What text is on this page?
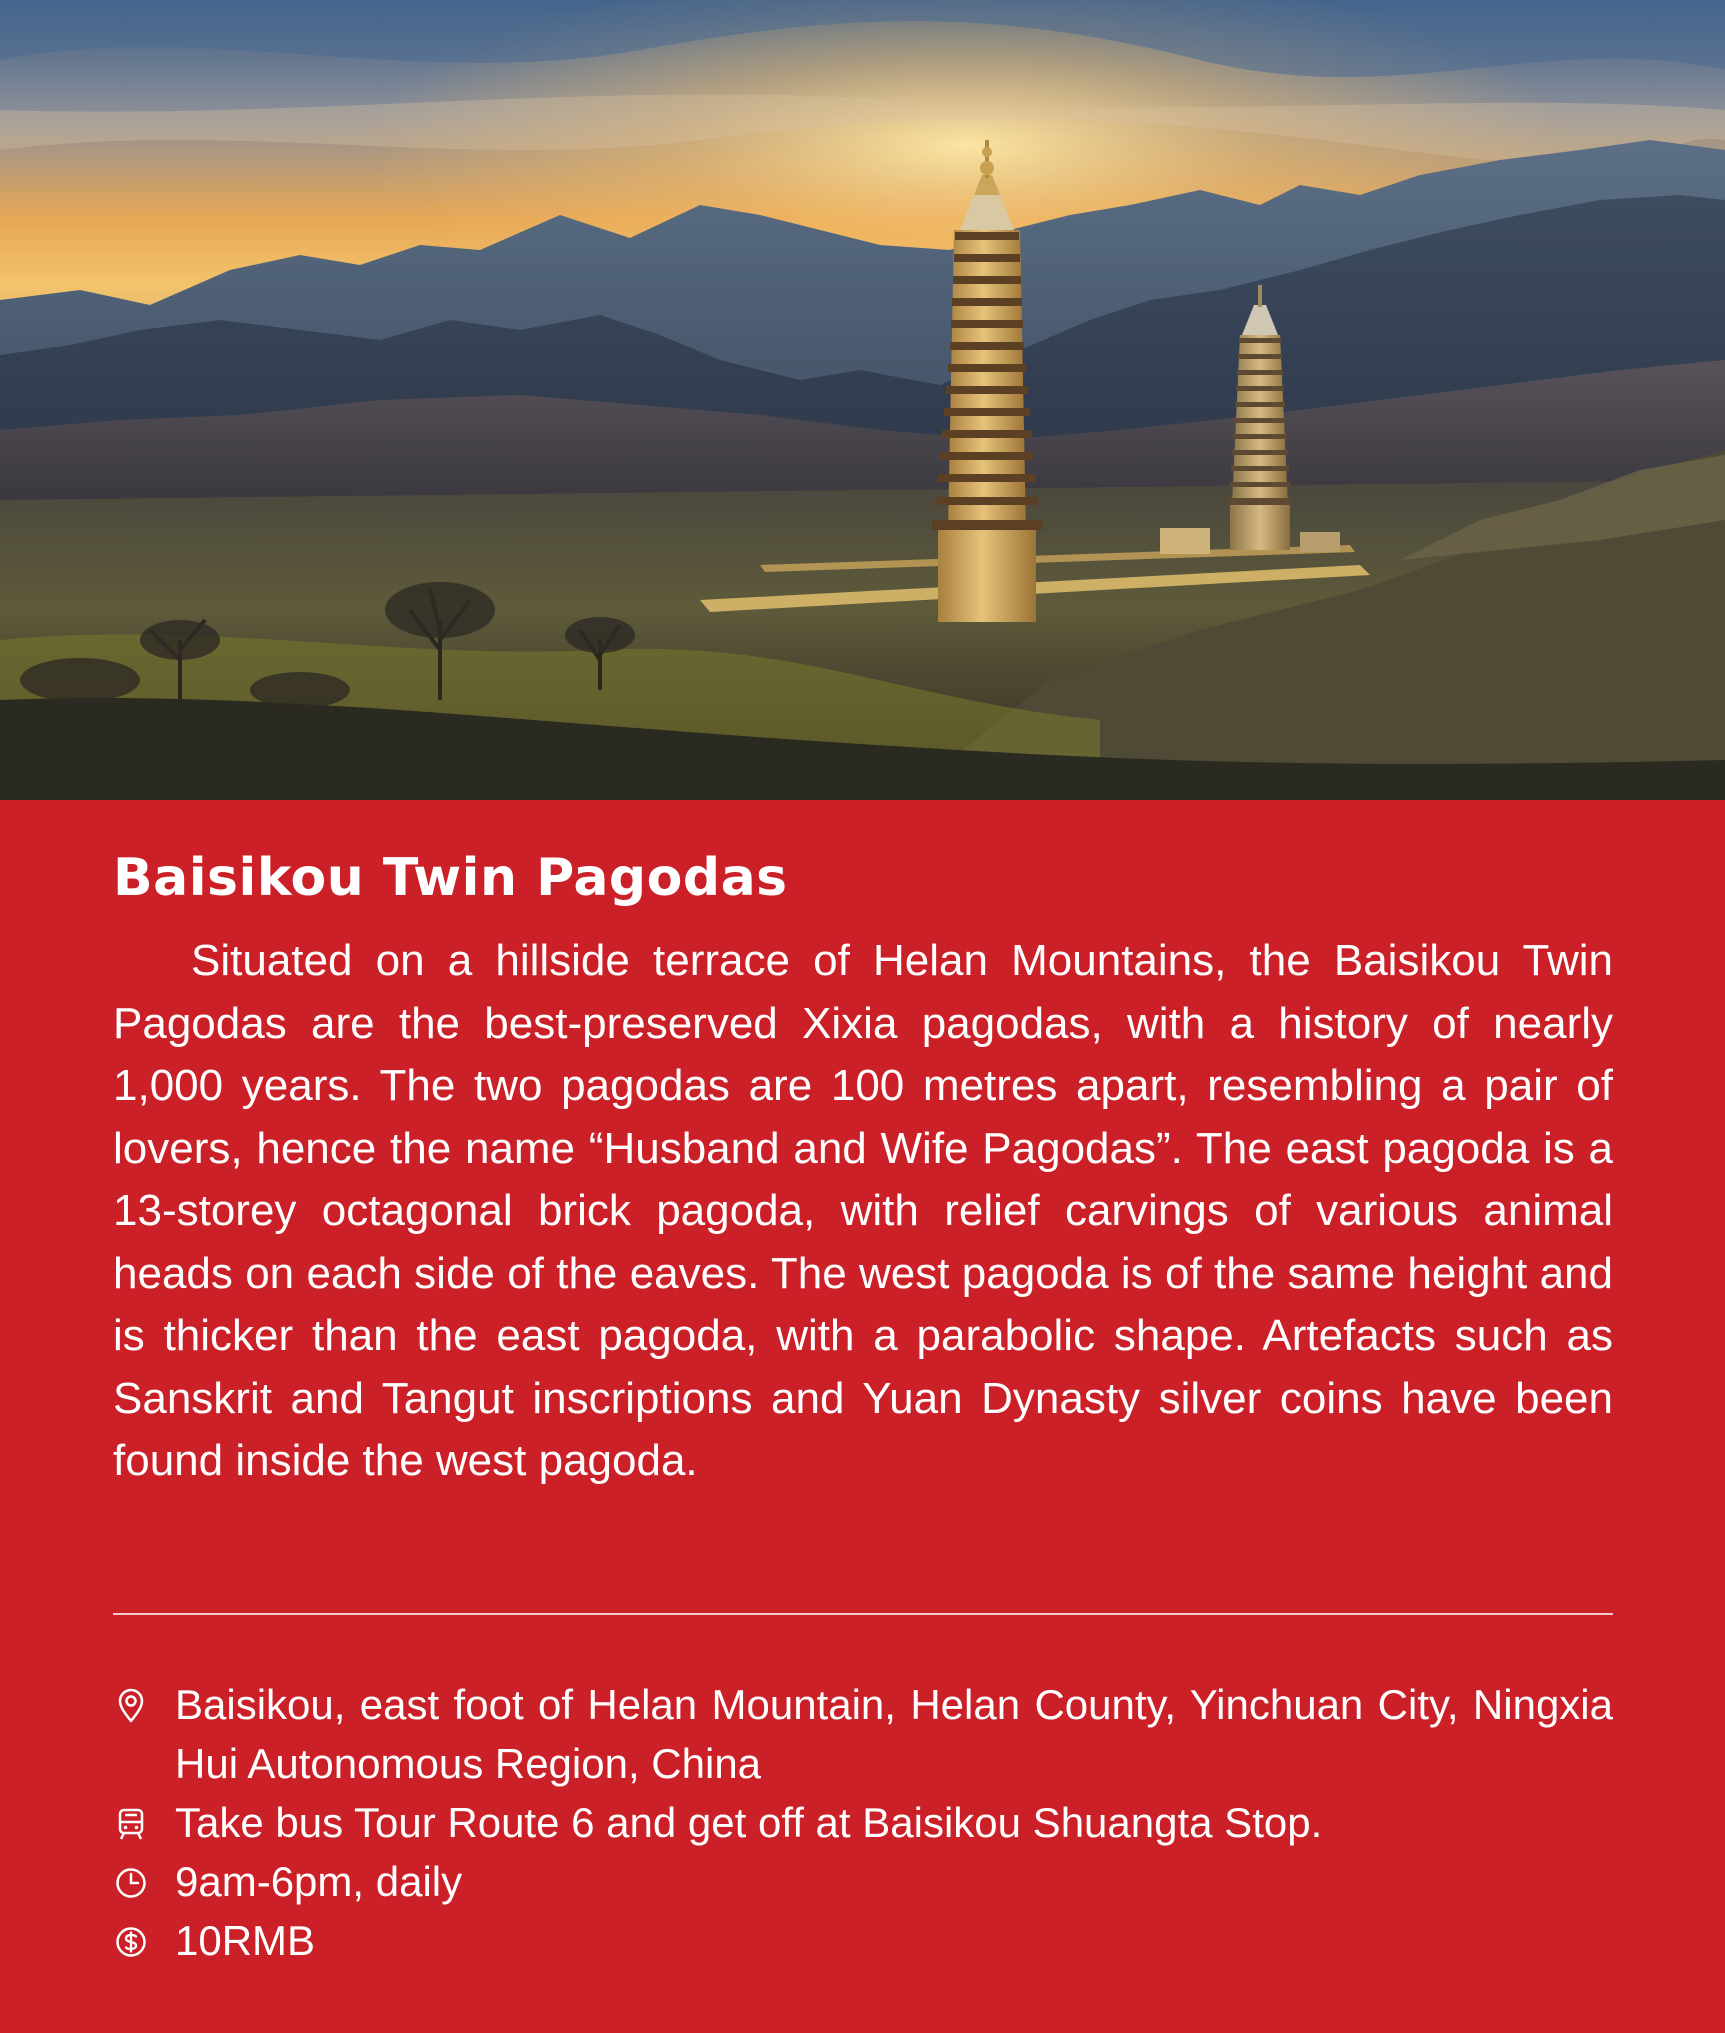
Baisikou Twin Pagodas

Situated on a hillside terrace of Helan Mountains, the Baisikou Twin Pagodas are the best-preserved Xixia pagodas, with a history of nearly 1,000 years. The two pagodas are 100 metres apart, resembling a pair of lovers, hence the name “Husband and Wife Pagodas”. The east pagoda is a 13-storey octagonal brick pagoda, with relief carvings of various animal heads on each side of the eaves. The west pagoda is of the same height and is thicker than the east pagoda, with a parabolic shape. Artefacts such as Sanskrit and Tangut inscriptions and Yuan Dynasty silver coins have been found inside the west pagoda.

Baisikou, east foot of Helan Mountain, Helan County, Yinchuan City, Ningxia Hui Autonomous Region, China
Take bus Tour Route 6 and get off at Baisikou Shuangta Stop.
9am-6pm, daily
10RMB
